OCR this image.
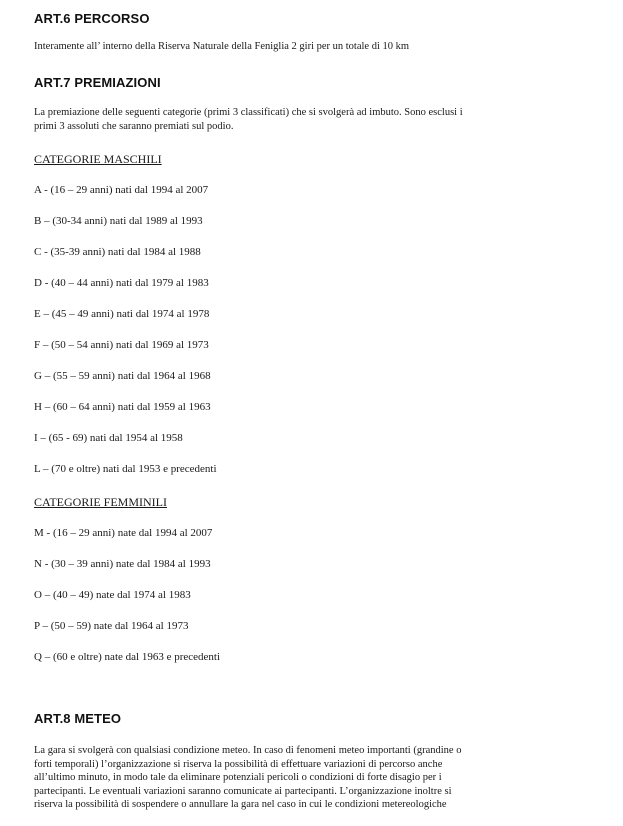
ART.6 PERCORSO

Interamente all’ interno della Riserva Naturale della Feniglia 2 giri per un totale di 10 km

ART.7 PREMIAZIONI

La premiazione delle seguenti categorie (primi 3 classificati) che si svolgerà ad imbuto. Sono esclusi i
primi 3 assoluti che saranno premiati sul podio.

CATEGORIE MASCHILI
A - (16 – 29 anni) nati dal 1994 al 2007
B – (30-34 anni) nati dal 1989 al 1993
C - (35-39 anni) nati dal 1984 al 1988
D - (40 – 44 anni) nati dal 1979 al 1983
E – (45 – 49 anni) nati dal 1974 al 1978
F – (50 – 54 anni) nati dal 1969 al 1973
G – (55 – 59 anni) nati dal 1964 al 1968
H – (60 – 64 anni) nati dal 1959 al 1963
I – (65 - 69) nati dal 1954 al 1958
L – (70 e oltre) nati dal 1953 e precedenti
CATEGORIE FEMMINILI
M - (16 – 29 anni) nate dal 1994 al 2007
N - (30 – 39 anni) nate dal 1984 al 1993
O – (40 – 49) nate dal 1974 al 1983
P – (50 – 59) nate dal 1964 al 1973
Q – (60 e oltre) nate dal 1963 e precedenti
ART.8 METEO

La gara si svolgerà con qualsiasi condizione meteo. In caso di fenomeni meteo importanti (grandine o
forti temporali) l’organizzazione si riserva la possibilità di effettuare variazioni di percorso anche
all’ultimo minuto, in modo tale da eliminare potenziali pericoli o condizioni di forte disagio per i
partecipanti. Le eventuali variazioni saranno comunicate ai partecipanti. L’organizzazione inoltre si
riserva la possibilità di sospendere o annullare la gara nel caso in cui le condizioni metereologiche
